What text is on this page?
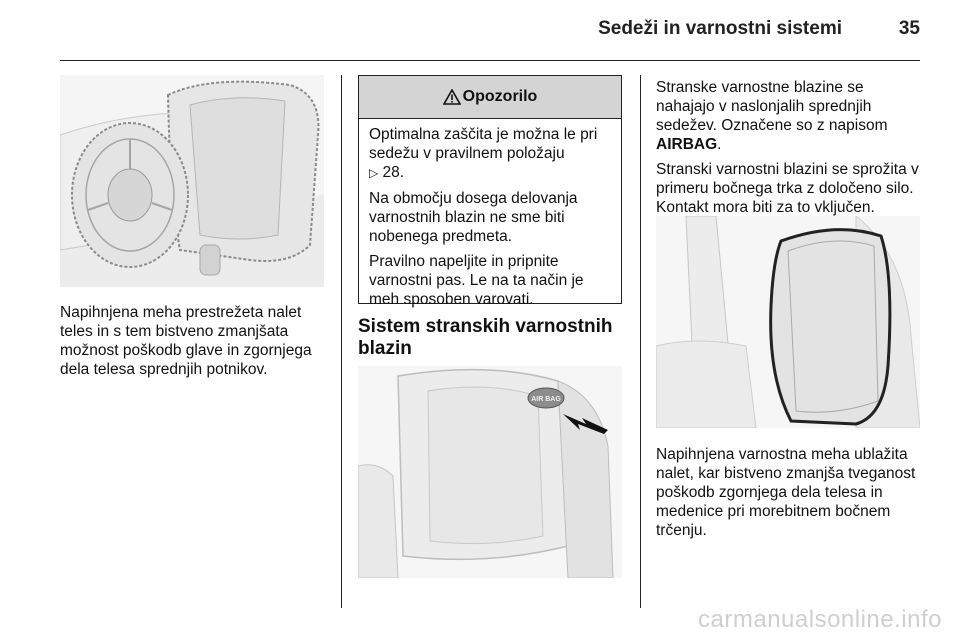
Sedeži in varnostni sistemi	35
Napihnjena meha prestrežeta nalet teles in s tem bistveno zmanjšata možnost poškodb glave in zgornjega dela telesa sprednjih potnikov.
Opozorilo

Optimalna zaščita je možna le pri sedežu v pravilnem položaju
▷ 28.

Na območju dosega delovanja varnostnih blazin ne sme biti nobenega predmeta.

Pravilno napeljite in pripnite varnostni pas. Le na ta način je meh sposoben varovati.

Sistem stranskih varnostnih blazin
AIR BAG

Stranske varnostne blazine se nahajajo v naslonjalih sprednjih sedežev. Označene so z napisom AIRBAG.

Stranski varnostni blazini se sprožita v primeru bočnega trka z določeno silo. Kontakt mora biti za to vključen.

Napihnjena varnostna meha ublažita nalet, kar bistveno zmanjša tveganost poškodb zgornjega dela telesa in medenice pri morebitnem bočnem trčenju.
carmanualsonline.info
